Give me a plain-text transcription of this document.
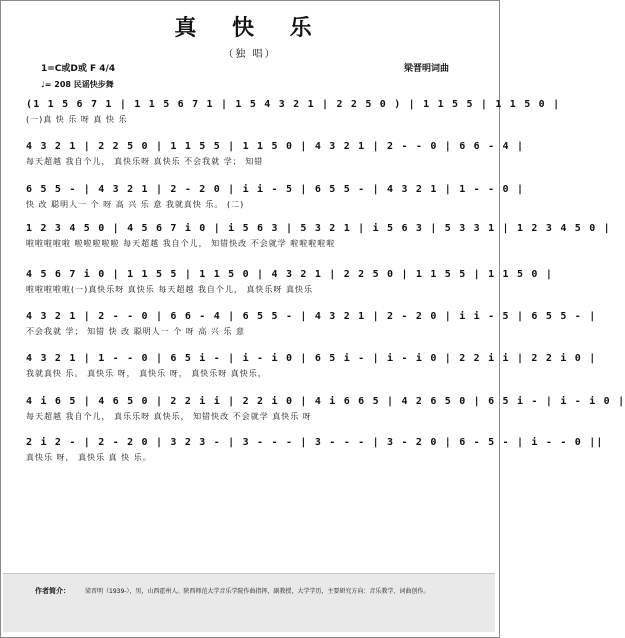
真 快 乐
（独 唱）
1=C或D或 F 4/4	梁晋明词曲
♩= 208 民谣快步舞
(1 1 5 6 7 1 | 1 1 5 6 7 1 | 1 5 4 3 2 1 | 2 2 5 0 ) | 1 1 5 5 | 1 1 5 0 |
(一)真 快 乐 呀 真 快 乐
4 3 2 1 | 2 2 5 0 | 1 1 5 5 | 1 1 5 0 | 4 3 2 1 | 2 - - 0 | 6 6 - 4 |
每天超越 我自个儿， 真快乐呀 真快乐 不会我就 学； 知错
6 5 5 - | 4 3 2 1 | 2 - 2 0 | i i - 5 | 6 5 5 - | 4 3 2 1 | 1 - - 0 |
快 改 聪明人一 个 呀 高 兴 乐 意 我就真快 乐。 (二)
1 2 3 4 5 0 | 4 5 6 7 i 0 | i 5 6 3 | 5 3 2 1 | i 5 6 3 | 5 3 3 1 | 1 2 3 4 5 0 |
啦啦啦啦啦 啦啦啦啦啦 每天超越 我自个儿， 知错快改 不会就学 啦啦啦啦啦
4 5 6 7 i 0 | 1 1 5 5 | 1 1 5 0 | 4 3 2 1 | 2 2 5 0 | 1 1 5 5 | 1 1 5 0 |
啦啦啦啦啦(一)真快乐呀 真快乐 每天超越 我自个儿， 真快乐呀 真快乐
4 3 2 1 | 2 - - 0 | 6 6 - 4 | 6 5 5 - | 4 3 2 1 | 2 - 2 0 | i i - 5 | 6 5 5 - |
不会我就 学； 知错 快 改 聪明人一 个 呀 高 兴 乐 意
4 3 2 1 | 1 - - 0 | 6 5 i - | i - i 0 | 6 5 i - | i - i 0 | 2 2 i i | 2 2 i 0 |
我就真快 乐。 真快乐 呀， 真快乐 呀， 真快乐呀 真快乐，
4 i 6 5 | 4 6 5 0 | 2 2 i i | 2 2 i 0 | 4 i 6 6 5 | 4 2 6 5 0 | 6 5 i - | i - i 0 |
每天超越 我自个儿， 真乐乐呀 真快乐， 知错快改 不会就学 真快乐 呀
2 i 2 - | 2 - 2 0 | 3 2 3 - | 3 - - - | 3 - - - | 3 - 2 0 | 6 - 5 - | i - - 0 ||
真快乐 呀， 真快乐 真 快 乐。
作者简介：	梁晋明（1939-），男，山西霍州人。陕西师范大学音乐学院作曲指挥，副教授，大学学历，主要研究方向：音乐教学、词曲创作。
